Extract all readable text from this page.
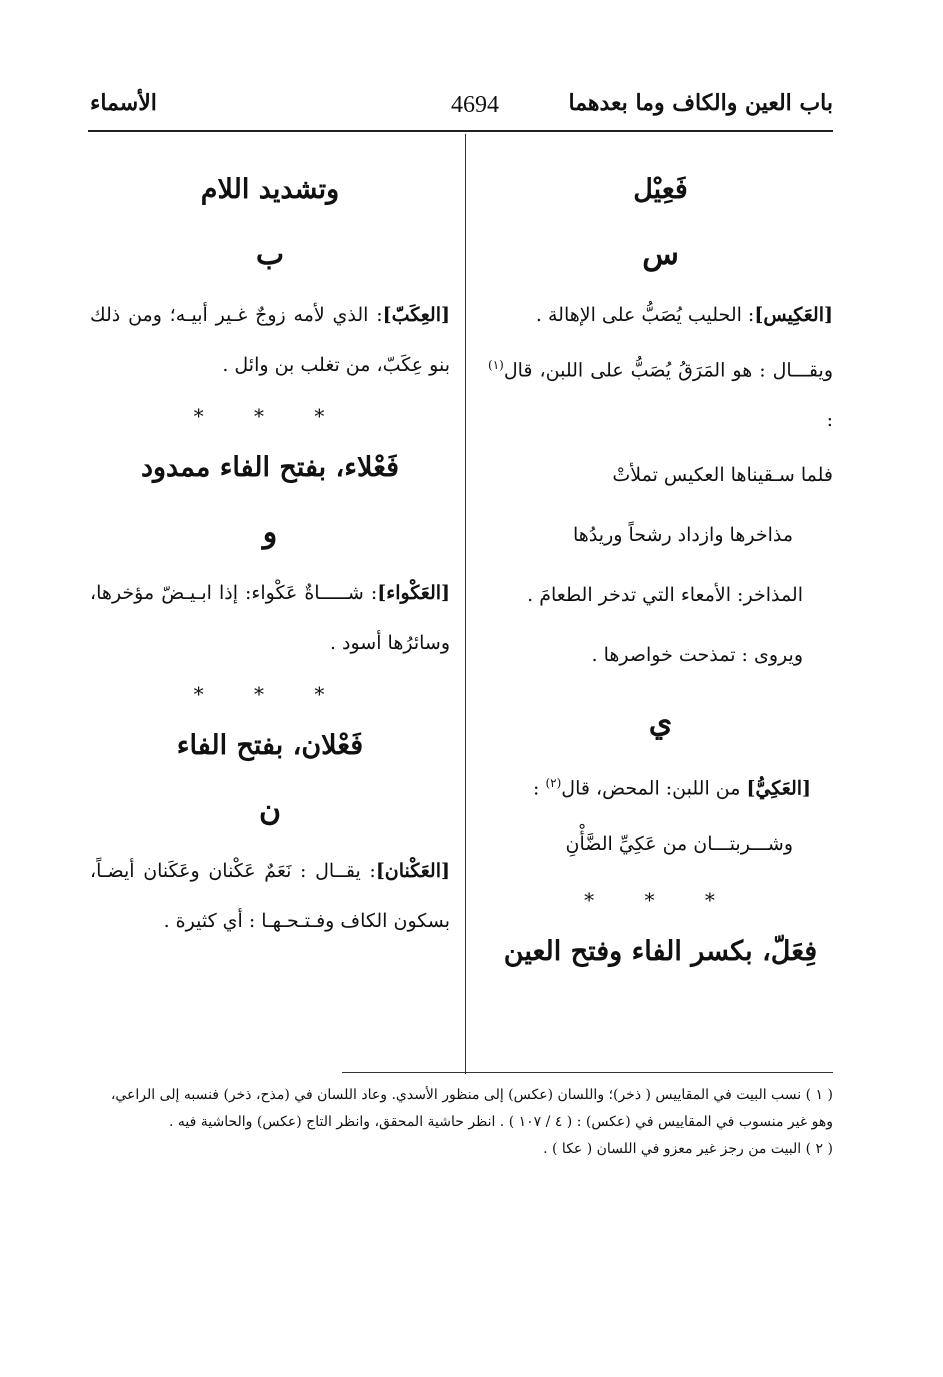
باب العين والكاف وما بعدهما
4694
الأسماء
فَعِيْل
س
[العَكِيس]: الحليب يُصَبُّ على الإهالة .
ويقـــال : هو المَرَقُ يُصَبُّ على اللبن، قال$^{(١)}$ :
فلما سـقيناها العكيس تملأتْ
مذاخرها وازداد رشحاً وريدُها
المذاخر: الأمعاء التي تدخر الطعامَ .
ويروى : تمذحت خواصرها .
ي
[العَكِيُّ] من اللبن: المحض، قال$^{(٢)}$ :
وشـــربتـــان من عَكِيِّ الضَّأْنِ
* * *
فِعَلّ، بكسر الفاء وفتح العين
وتشديد اللام
ب
[العِكَبّ]: الذي لأمه زوجٌ غـير أبيـه؛ ومن ذلك بنو عِكَبّ، من تغلب بن وائل .
* * *
فَعْلاء، بفتح الفاء ممدود
و
[العَكْواء]: شـــــاةٌ عَكْواء: إذا ابـيـضّ مؤخرها، وسائرُها أسود .
* * *
فَعْلان، بفتح الفاء
ن
[العَكْنان]: يقــال : نَعَمٌ عَكْنان وعَكَنان أيضـاً، بسكون الكاف وفـتـحـهـا : أي كثيرة .
( ١ ) نسب البيت في المقاييس ( ذخر)؛ واللسان (عكس) إلى منظور الأسدي. وعاد اللسان في (مذح، ذخر) فنسبه إلى الراعي، وهو غير منسوب في المقاييس في (عكس) : ( ٤ / ١٠٧ ) . انظر حاشية المحقق، وانظر التاج (عكس) والحاشية فيه .
( ٢ ) البيت من رجز غير معزو في اللسان ( عكا ) .
